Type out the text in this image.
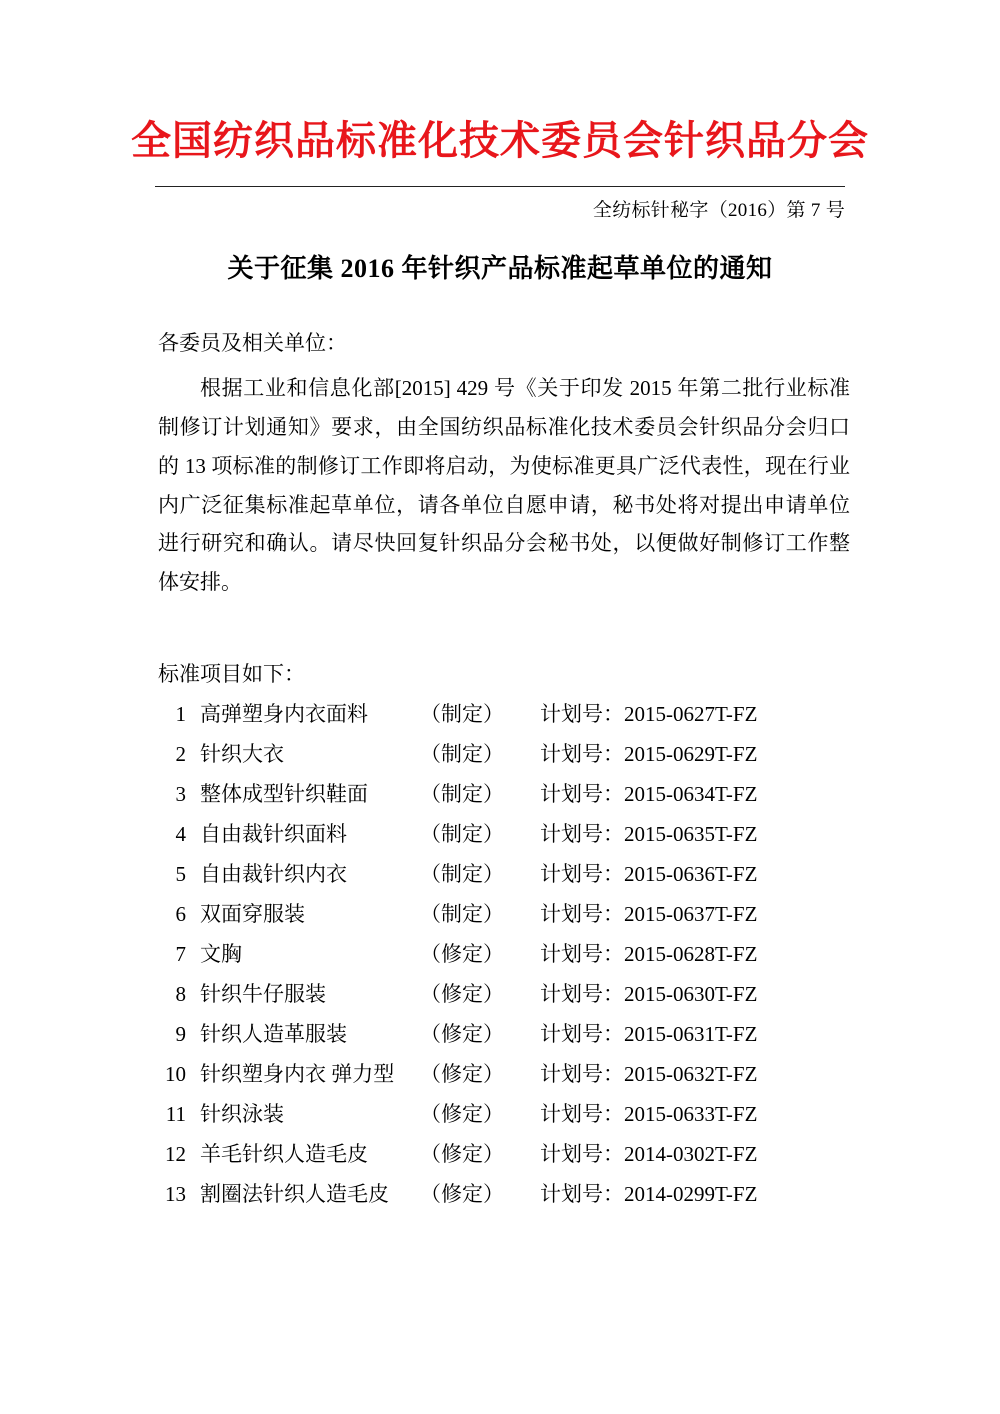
全国纺织品标准化技术委员会针织品分会
全纺标针秘字（2016）第 7 号
关于征集 2016 年针织产品标准起草单位的通知
各委员及相关单位：
根据工业和信息化部[2015] 429 号《关于印发 2015 年第二批行业标准制修订计划通知》要求，由全国纺织品标准化技术委员会针织品分会归口的 13 项标准的制修订工作即将启动，为使标准更具广泛代表性，现在行业内广泛征集标准起草单位，请各单位自愿申请，秘书处将对提出申请单位进行研究和确认。请尽快回复针织品分会秘书处，以便做好制修订工作整体安排。
标准项目如下：
1 高弹塑身内衣面料	（制定）	计划号：2015-0627T-FZ
2 针织大衣	（制定）	计划号：2015-0629T-FZ
3 整体成型针织鞋面	（制定）	计划号：2015-0634T-FZ
4 自由裁针织面料	（制定）	计划号：2015-0635T-FZ
5 自由裁针织内衣	（制定）	计划号：2015-0636T-FZ
6 双面穿服装	（制定）	计划号：2015-0637T-FZ
7 文胸	（修定）	计划号：2015-0628T-FZ
8 针织牛仔服装	（修定）	计划号：2015-0630T-FZ
9 针织人造革服装	（修定）	计划号：2015-0631T-FZ
10 针织塑身内衣 弹力型	（修定）	计划号：2015-0632T-FZ
11 针织泳装	（修定）	计划号：2015-0633T-FZ
12 羊毛针织人造毛皮	（修定）	计划号：2014-0302T-FZ
13 割圈法针织人造毛皮	（修定）	计划号：2014-0299T-FZ
